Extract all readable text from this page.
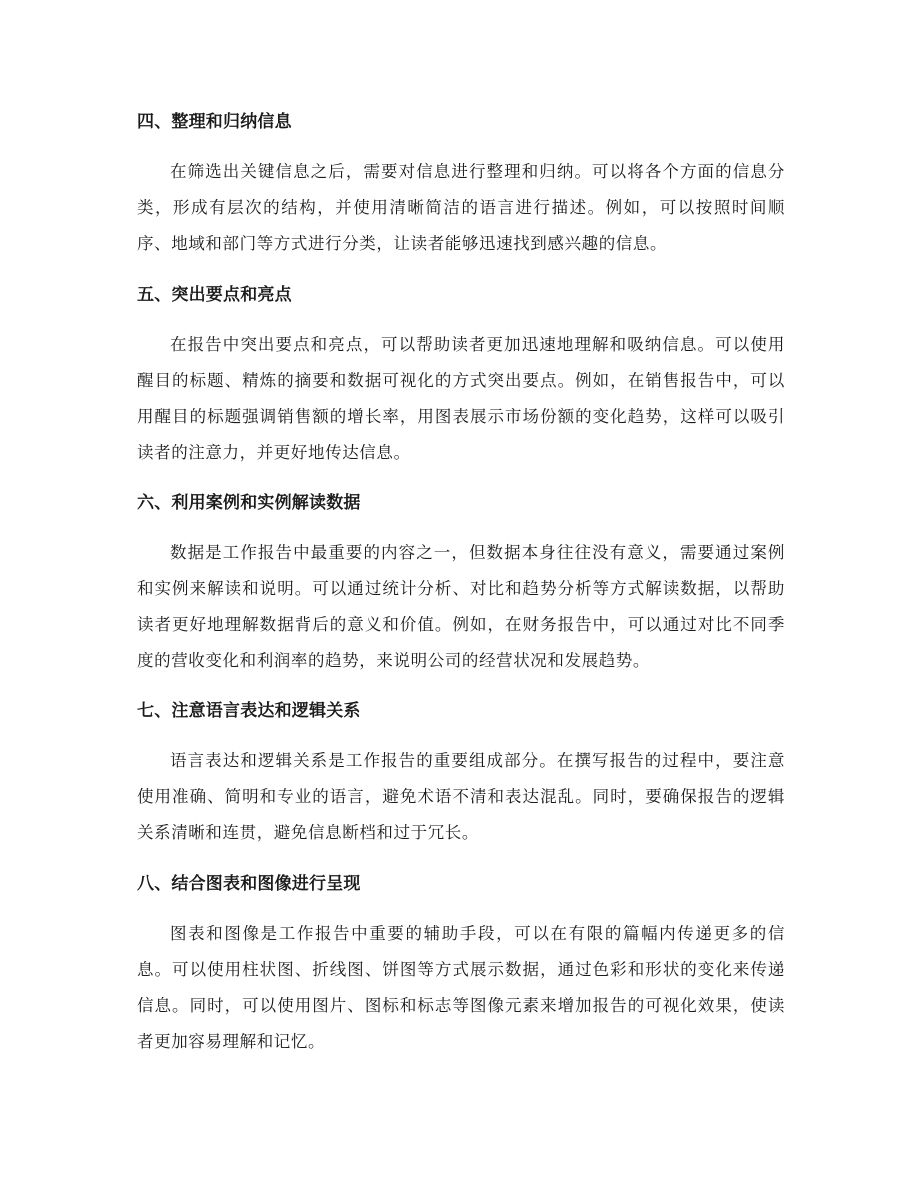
四、整理和归纳信息

在筛选出关键信息之后，需要对信息进行整理和归纳。可以将各个方面的信息分类，形成有层次的结构，并使用清晰简洁的语言进行描述。例如，可以按照时间顺序、地域和部门等方式进行分类，让读者能够迅速找到感兴趣的信息。

五、突出要点和亮点

在报告中突出要点和亮点，可以帮助读者更加迅速地理解和吸纳信息。可以使用醒目的标题、精炼的摘要和数据可视化的方式突出要点。例如，在销售报告中，可以用醒目的标题强调销售额的增长率，用图表展示市场份额的变化趋势，这样可以吸引读者的注意力，并更好地传达信息。

六、利用案例和实例解读数据

数据是工作报告中最重要的内容之一，但数据本身往往没有意义，需要通过案例和实例来解读和说明。可以通过统计分析、对比和趋势分析等方式解读数据，以帮助读者更好地理解数据背后的意义和价值。例如，在财务报告中，可以通过对比不同季度的营收变化和利润率的趋势，来说明公司的经营状况和发展趋势。

七、注意语言表达和逻辑关系

语言表达和逻辑关系是工作报告的重要组成部分。在撰写报告的过程中，要注意使用准确、简明和专业的语言，避免术语不清和表达混乱。同时，要确保报告的逻辑关系清晰和连贯，避免信息断档和过于冗长。

八、结合图表和图像进行呈现

图表和图像是工作报告中重要的辅助手段，可以在有限的篇幅内传递更多的信息。可以使用柱状图、折线图、饼图等方式展示数据，通过色彩和形状的变化来传递信息。同时，可以使用图片、图标和标志等图像元素来增加报告的可视化效果，使读者更加容易理解和记忆。
